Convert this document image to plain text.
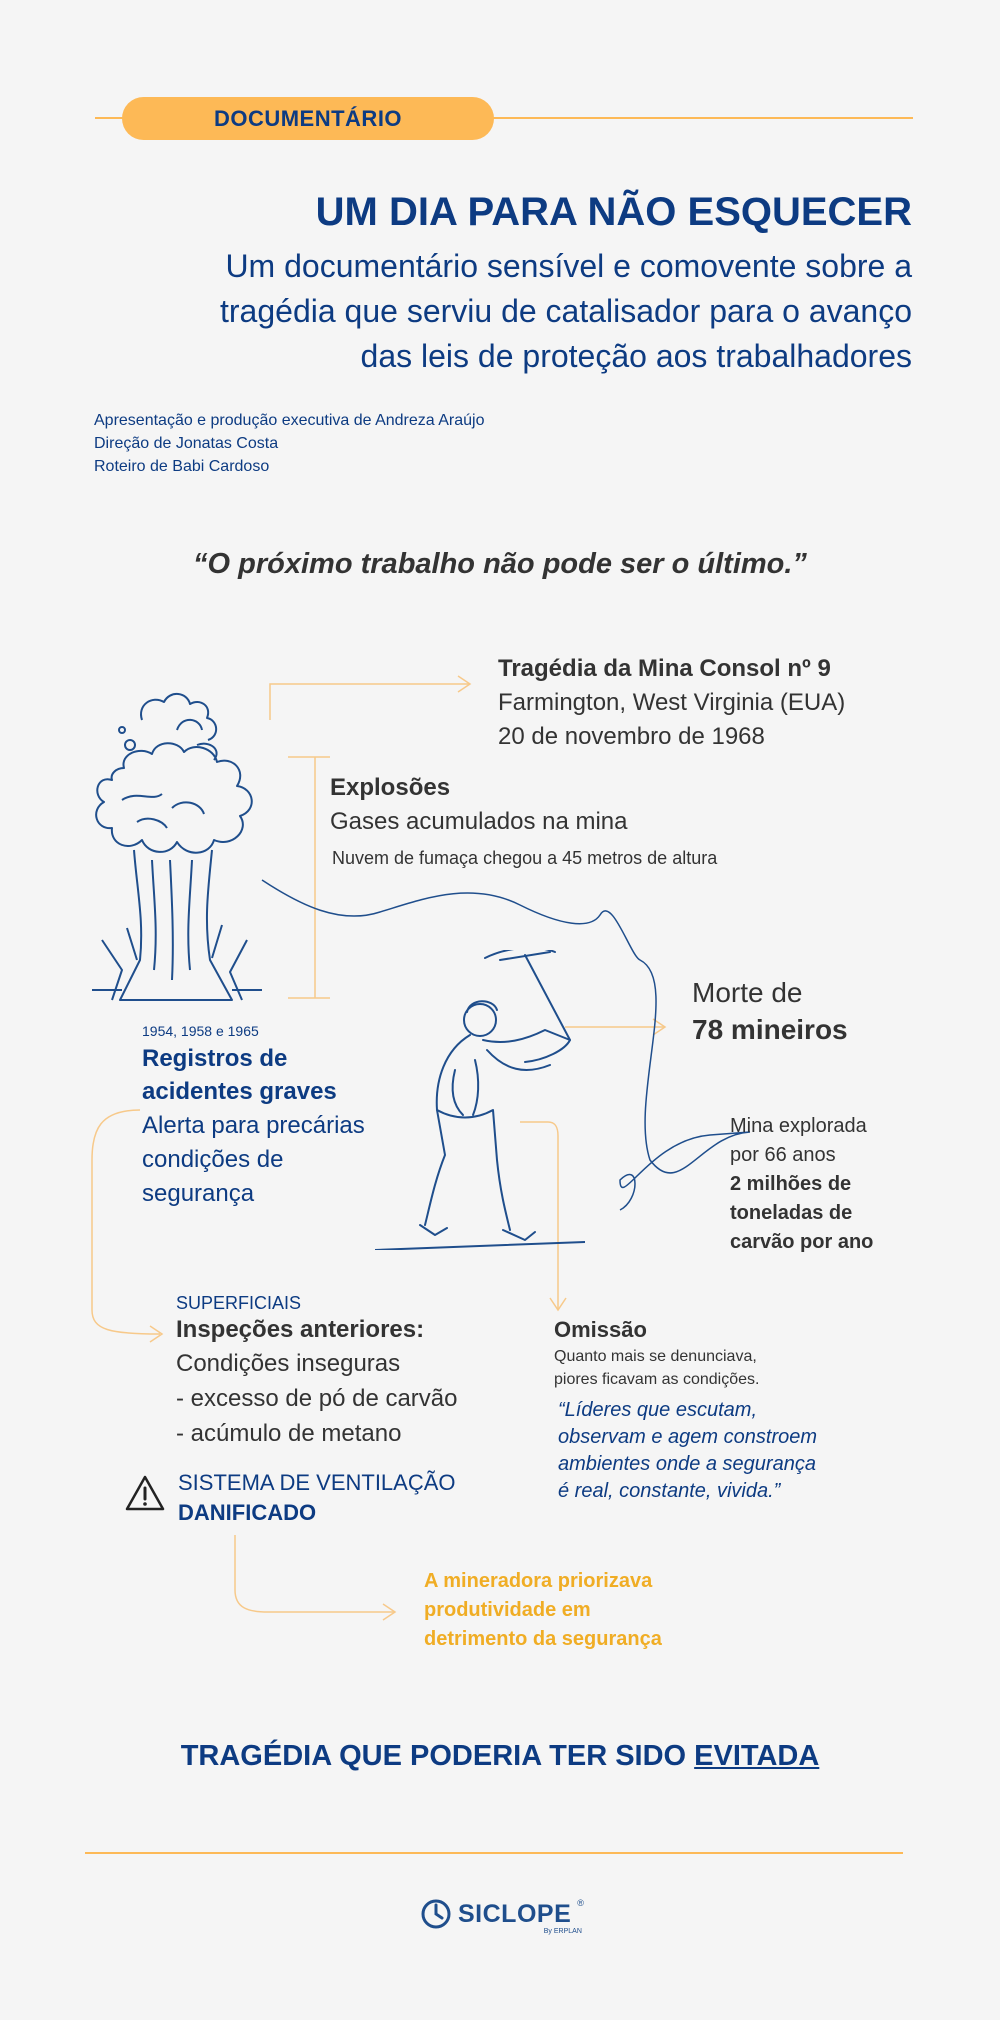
DOCUMENTÁRIO
UM DIA PARA NÃO ESQUECER
Um documentário sensível e comovente sobre a tragédia que serviu de catalisador para o avanço das leis de proteção aos trabalhadores
Apresentação e produção executiva de Andreza Araújo
Direção de Jonatas Costa
Roteiro de Babi Cardoso
“O próximo trabalho não pode ser o último.”
Tragédia da Mina Consol nº 9
Farmington, West Virginia (EUA)
20 de novembro de 1968
Explosões
Gases acumulados na mina
Nuvem de fumaça chegou a 45 metros de altura
Morte de
78 mineiros
1954, 1958 e 1965
Registros de
acidentes graves
Alerta para precárias
condições de
segurança
Mina explorada
por 66 anos
2 milhões de
toneladas de
carvão por ano
SUPERFICIAIS
Inspeções anteriores:
Condições inseguras
- excesso de pó de carvão
- acúmulo de metano
Omissão
Quanto mais se denunciava,
piores ficavam as condições.
“Líderes que escutam,
observam e agem constroem
ambientes onde a segurança
é real, constante, vivida.”
SISTEMA DE VENTILAÇÃO
DANIFICADO
A mineradora priorizava
produtividade em
detrimento da segurança
TRAGÉDIA QUE PODERIA TER SIDO EVITADA
SICLOPE ®
By ERPLAN
